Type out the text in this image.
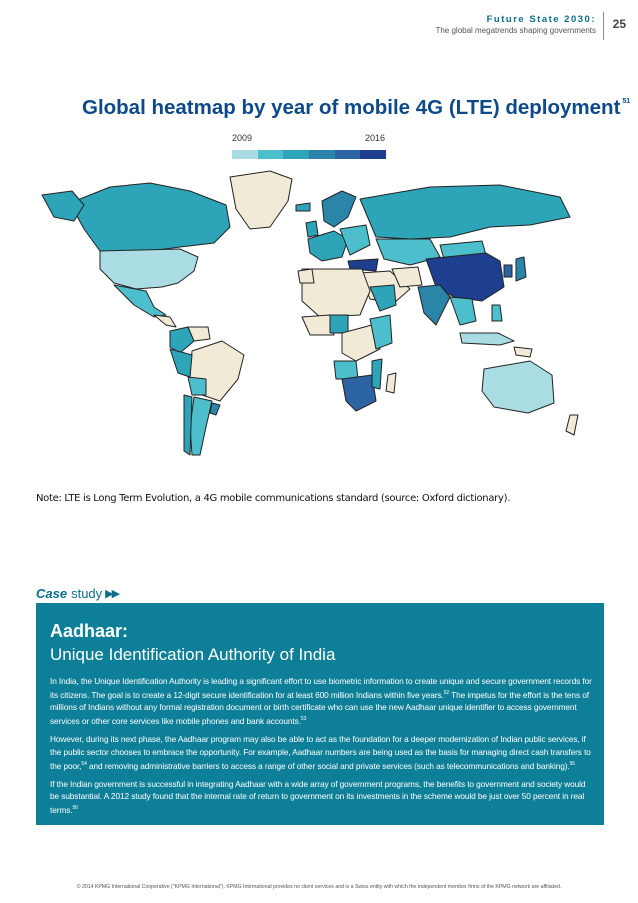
Future State 2030:
The global megatrends shaping governments 25
Global heatmap by year of mobile 4G (LTE) deployment $^{51}$
2009	2016
Note: LTE is Long Term Evolution, a 4G mobile communications standard (source: Oxford dictionary).
Case study ▶▶
Aadhaar:
Unique Identification Authority of India

In India, the Unique Identification Authority is leading a significant effort to use biometric information to create unique and secure government records for its citizens. The goal is to create a 12-digit secure identification for at least 600 million Indians within five years.$^{52}$ The impetus for the effort is the tens of millions of Indians without any formal registration document or birth certificate who can use the new Aadhaar unique identifier to access government services or other core services like mobile phones and bank accounts.$^{53}$

However, during its next phase, the Aadhaar program may also be able to act as the foundation for a deeper modernization of Indian public services, if the public sector chooses to embrace the opportunity. For example, Aadhaar numbers are being used as the basis for managing direct cash transfers to the poor,$^{54}$ and removing administrative barriers to access a range of other social and private services (such as telecommunications and banking).$^{55}$

If the Indian government is successful in integrating Aadhaar with a wide array of government programs, the benefits to government and society would be substantial. A 2012 study found that the internal rate of return to government on its investments in the scheme would be just over 50 percent in real terms.$^{56}$

© 2014 KPMG International Cooperative ("KPMG International"). KPMG International provides no client services and is a Swiss entity with which the independent member firms of the KPMG network are affiliated.
